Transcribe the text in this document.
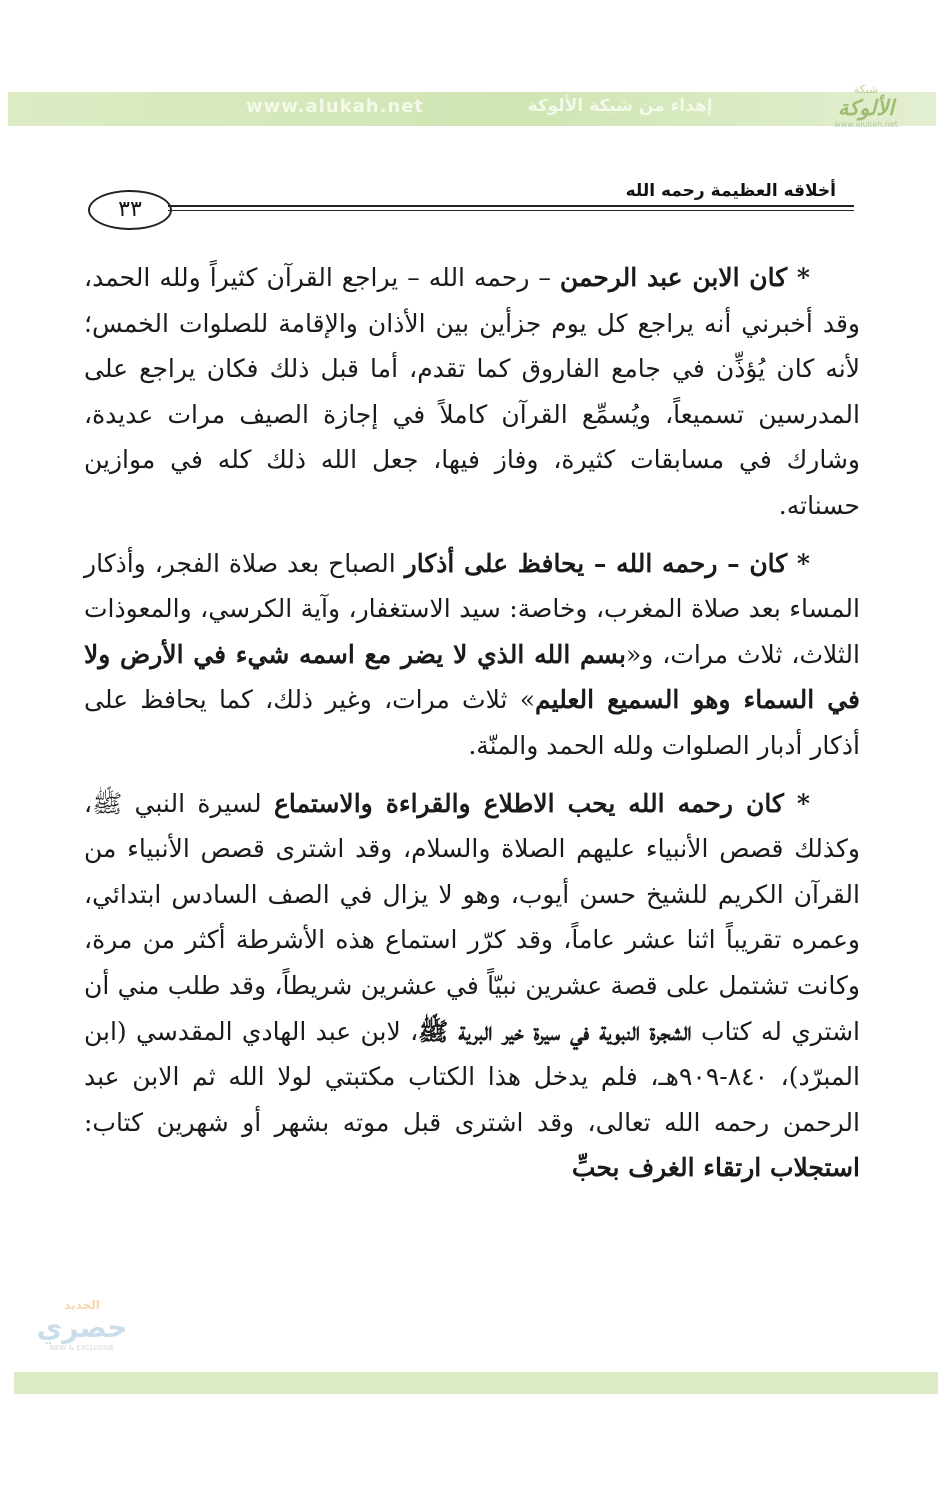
شبكة
الألوكة
www.alukah.net
إهداء من شبكة الألوكة
www.alukah.net
أخلاقه العظيمة رحمه الله
٣٣

* كان الابن عبد الرحمن – رحمه الله – يراجع القرآن كثيراً ولله الحمد، وقد أخبرني أنه يراجع كل يوم جزأين بين الأذان والإقامة للصلوات الخمس؛ لأنه كان يُؤذِّن في جامع الفاروق كما تقدم، أما قبل ذلك فكان يراجع على المدرسين تسميعاً، ويُسمِّع القرآن كاملاً في إجازة الصيف مرات عديدة، وشارك في مسابقات كثيرة، وفاز فيها، جعل الله ذلك كله في موازين حسناته.

* كان – رحمه الله – يحافظ على أذكار الصباح بعد صلاة الفجر، وأذكار المساء بعد صلاة المغرب، وخاصة: سيد الاستغفار، وآية الكرسي، والمعوذات الثلاث، ثلاث مرات، و«بسم الله الذي لا يضر مع اسمه شيء في الأرض ولا في السماء وهو السميع العليم» ثلاث مرات، وغير ذلك، كما يحافظ على أذكار أدبار الصلوات ولله الحمد والمنّة.

* كان رحمه الله يحب الاطلاع والقراءة والاستماع لسيرة النبي ﷺ، وكذلك قصص الأنبياء عليهم الصلاة والسلام، وقد اشترى قصص الأنبياء من القرآن الكريم للشيخ حسن أيوب، وهو لا يزال في الصف السادس ابتدائي، وعمره تقريباً اثنا عشر عاماً، وقد كرّر استماع هذه الأشرطة أكثر من مرة، وكانت تشتمل على قصة عشرين نبيّاً في عشرين شريطاً، وقد طلب مني أن اشتري له كتاب الشجرة النبوية في سيرة خير البرية ﷺ، لابن عبد الهادي المقدسي (ابن المبرّد)، ٨٤٠-٩٠٩هـ، فلم يدخل هذا الكتاب مكتبتي لولا الله ثم الابن عبد الرحمن رحمه الله تعالى، وقد اشترى قبل موته بشهر أو شهرين كتاب: استجلاب ارتقاء الغرف بحبِّ

الجديد
حصري
NEW & EXCLUSIVE
